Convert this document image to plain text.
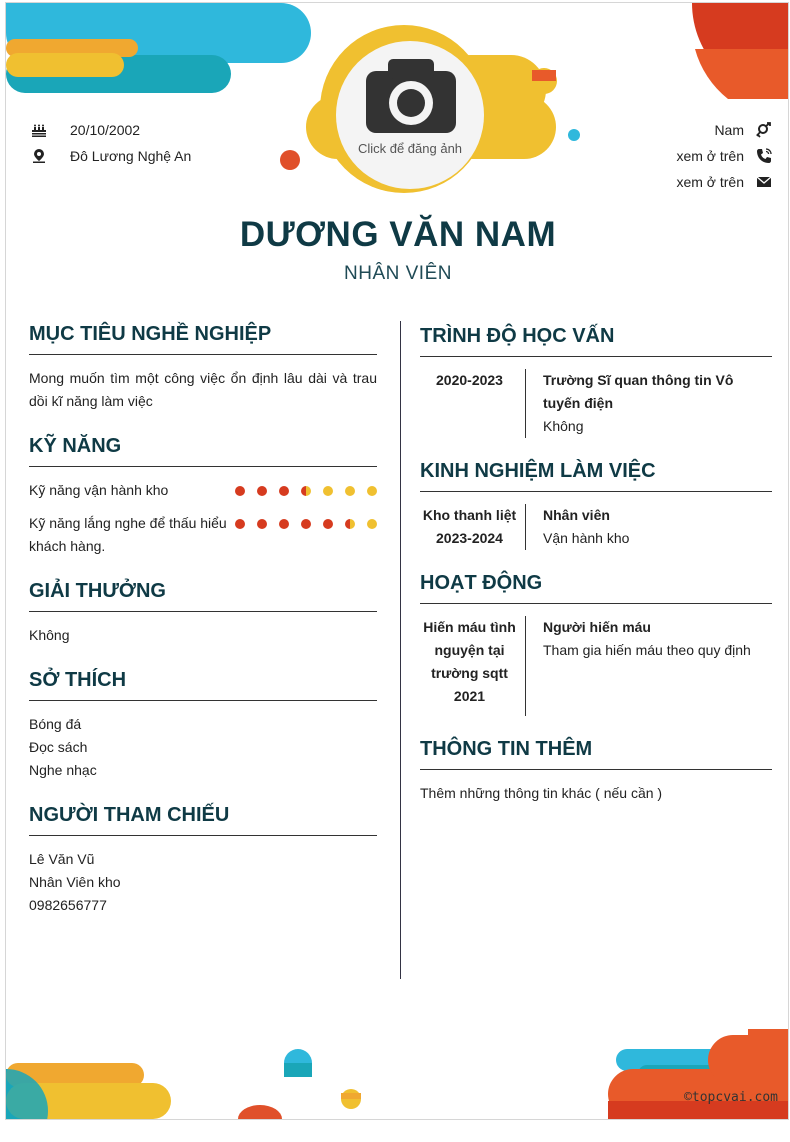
Click để đăng ảnh
20/10/2002
Đô Lương Nghệ An
Nam
xem ở trên
xem ở trên
DƯƠNG VĂN NAM
NHÂN VIÊN
MỤC TIÊU NGHỀ NGHIỆP
Mong muốn tìm một công việc ổn định lâu dài và trau dồi kĩ năng làm việc
KỸ NĂNG
Kỹ năng vận hành kho
Kỹ năng lắng nghe để thấu hiểu khách hàng.
GIẢI THƯỞNG
Không
SỞ THÍCH
Bóng đá
Đọc sách
Nghe nhạc
NGƯỜI THAM CHIẾU
Lê Văn Vũ
Nhân Viên kho
0982656777
TRÌNH ĐỘ HỌC VẤN
2020-2023	Trường Sĩ quan thông tin Vô tuyến điện
Không
KINH NGHIỆM LÀM VIỆC
Kho thanh liệt 2023-2024
Nhân viên
Vận hành kho
HOẠT ĐỘNG
Hiến máu tình nguyện tại trường sqtt 2021
Người hiến máu
Tham gia hiến máu theo quy định
THÔNG TIN THÊM
Thêm những thông tin khác ( nếu cần )
©topcvai.com
